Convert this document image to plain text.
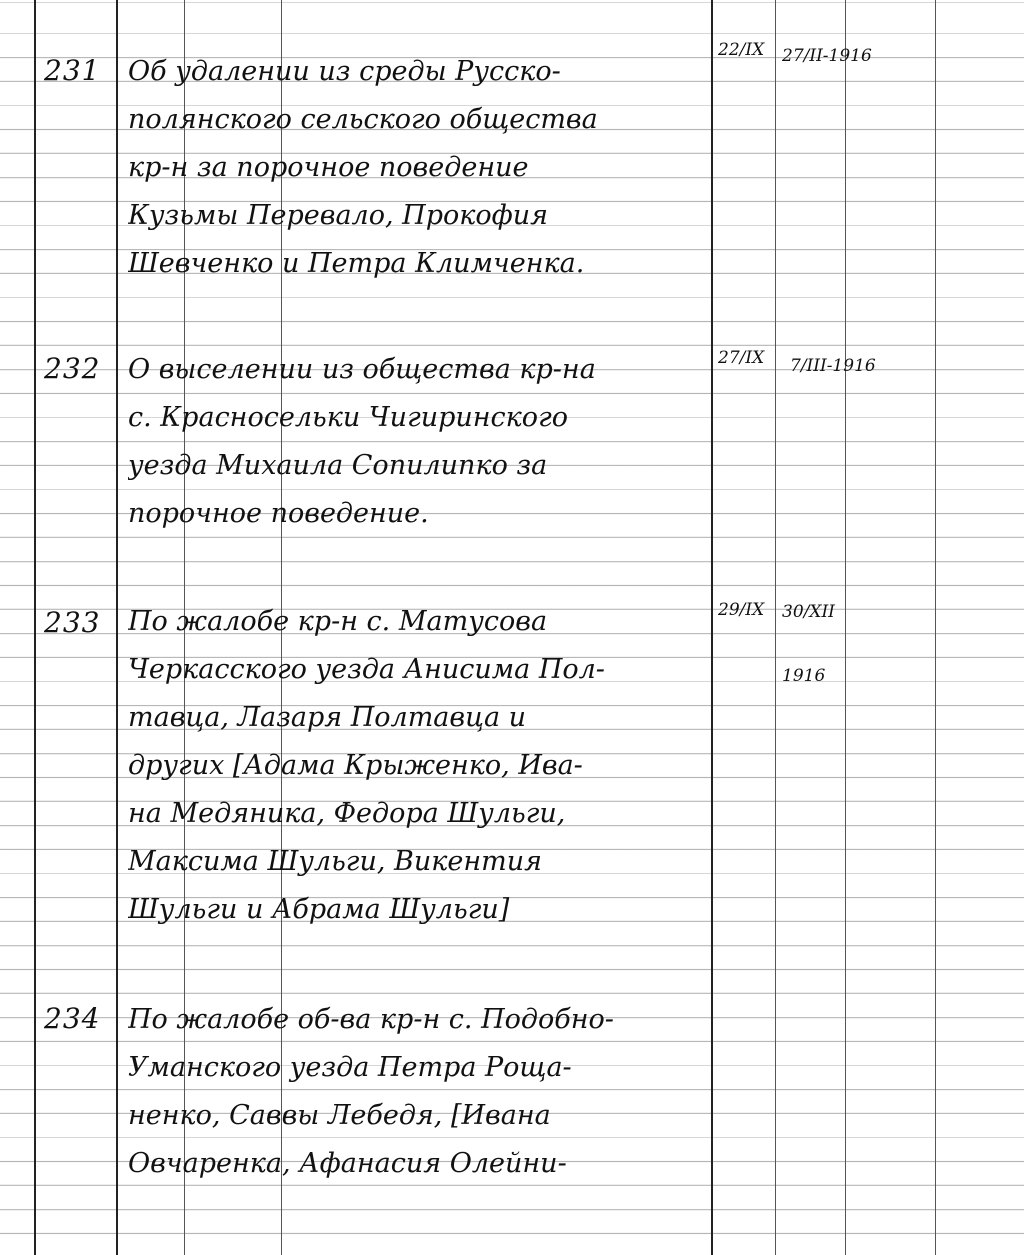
231	Об удалении из среды Русско-
полянского сельского общества
кр-н за порочное поведение
Кузьмы Перевало, Прокофия
Шевченко и Петра Климченка.
22/IX 27/II-1916
232	О выселении из общества кр-на
с. Красносельки Чигиринского
уезда Михаила Сопилипко за
порочное поведение.
27/IX 7/III-1916
233	По жалобе кр-н с. Матусова
Черкасского уезда Анисима Пол-
тавца, Лазаря Полтавца и
других [Адама Крыженко, Ива-
на Медяника, Федора Шульги,
Максима Шульги, Викентия
Шульги и Абрама Шульги]
29/IX 30/XII
1916
234	По жалобе об-ва кр-н с. Подобно-
Уманского уезда Петра Роща-
ненко, Саввы Лебедя, [Ивана
Овчаренка, Афанасия Олейни-
